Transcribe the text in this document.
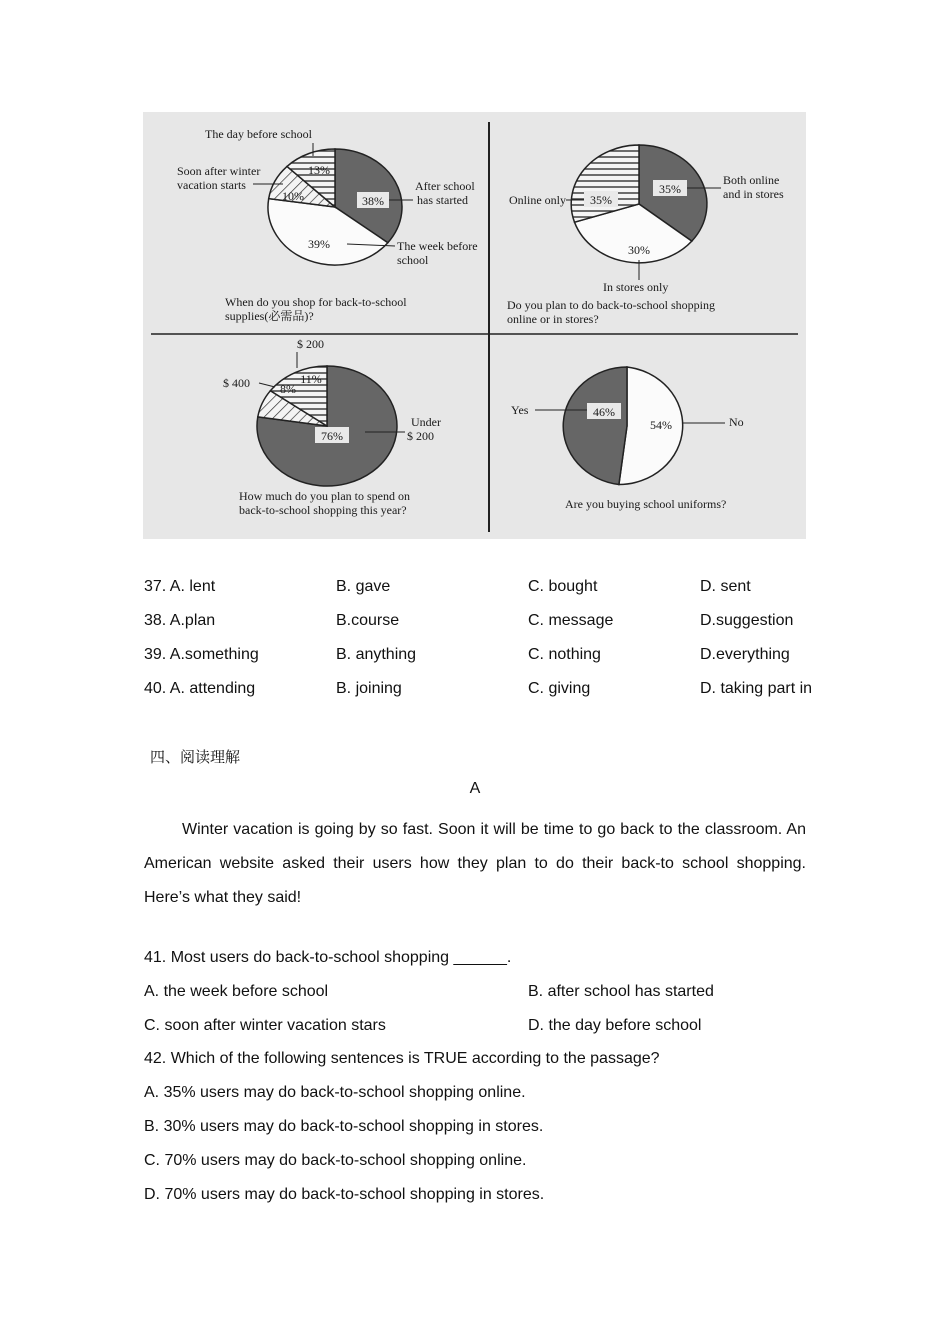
38%
13%
10%
39%
The day before school
Soon after winter
vacation starts	After school
has started
The week before
school
When do you shop for back-to-school
supplies(必需品)?
35%
35%
30%
Both online
and in stores
Online only
In stores only
Do you plan to do back-to-school shopping
online or in stores?
76%
11%
8%
$ 200
$ 400
Under
$ 200
How much do you plan to spend on
back-to-school shopping this year?
46%
54%
Yes
No
Are you buying school uniforms?
37. A. lent	B. gave	C. bought	D. sent
38. A.plan	B.course	C. message	D.suggestion
39. A.something	B. anything	C. nothing	D.everything
40. A. attending	B. joining	C. giving	D. taking part in
四、阅读理解
A

Winter vacation is going by so fast. Soon it will be time to go back to the classroom. An American website asked their users how they plan to do their back-to school shopping. Here’s what they said!

41. Most users do back-to-school shopping ______.
A. the week before school	B. after school has started
C. soon after winter vacation stars	D. the day before school
42. Which of the following sentences is TRUE according to the passage?
A. 35% users may do back-to-school shopping online.
B. 30% users may do back-to-school shopping in stores.
C. 70% users may do back-to-school shopping online.
D. 70% users may do back-to-school shopping in stores.
